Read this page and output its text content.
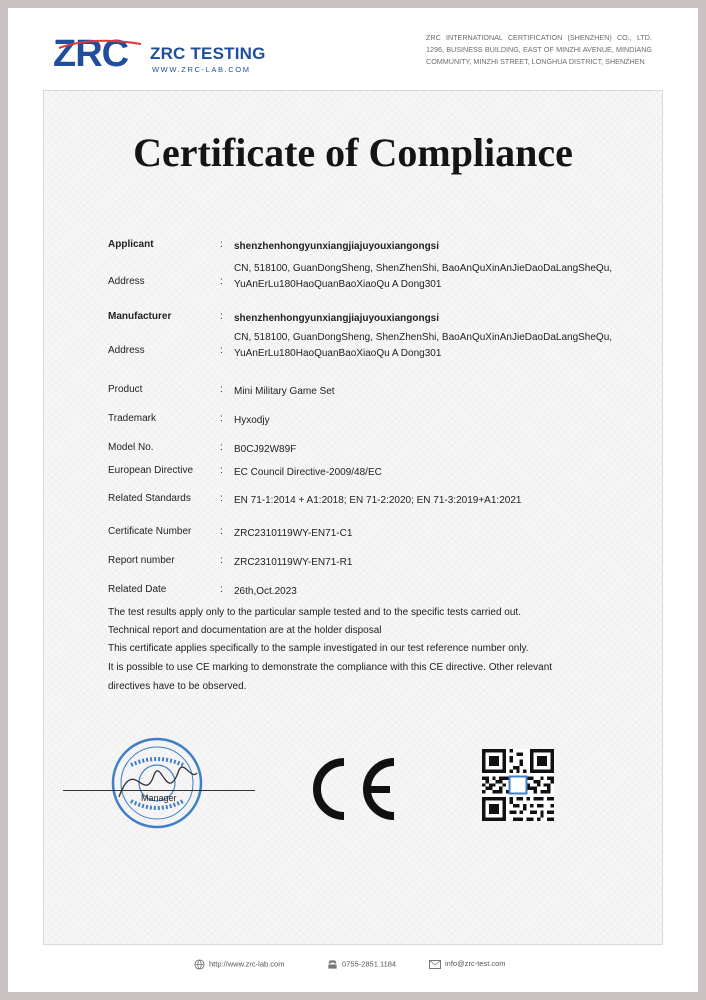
ZRC ZRC TESTING
WWW.ZRC-LAB.COM
ZRC INTERNATIONAL CERTIFICATION (SHENZHEN) CO., LTD. 1296, BUSINESS BUILDING, EAST OF MINZHI AVENUE, MINDIANG COMMUNITY, MINZHI STREET, LONGHUA DISTRICT, SHENZHEN
Certificate of Compliance
Applicant	: shenzhenhongyunxiangjiajuyouxiangongsi
Address	:
CN, 518100, GuanDongSheng, ShenZhenShi, BaoAnQuXinAnJieDaoDaLangSheQu, YuAnErLu180HaoQuanBaoXiaoQu A Dong301
Manufacturer	: shenzhenhongyunxiangjiajuyouxiangongsi
Address	:
CN, 518100, GuanDongSheng, ShenZhenShi, BaoAnQuXinAnJieDaoDaLangSheQu, YuAnErLu180HaoQuanBaoXiaoQu A Dong301
Product	: Mini Military Game Set
Trademark	: Hyxodjy
Model No.	: B0CJ92W89F
European Directive	: EC Council Directive-2009/48/EC
Related Standards	: EN 71-1:2014 + A1:2018; EN 71-2:2020; EN 71-3:2019+A1:2021
Certificate Number	: ZRC2310119WY-EN71-C1
Report number	: ZRC2310119WY-EN71-R1
Related Date	: 26th,Oct.2023
The test results apply only to the particular sample tested and to the specific tests carried out.
Technical report and documentation are at the holder disposal
This certificate applies specifically to the sample investigated in our test reference number only.
It is possible to use CE marking to demonstrate the compliance with this CE directive. Other relevant directives have to be observed.
Manager
http://www.zrc-lab.com	0755-2851 1184	info@zrc-test.com
